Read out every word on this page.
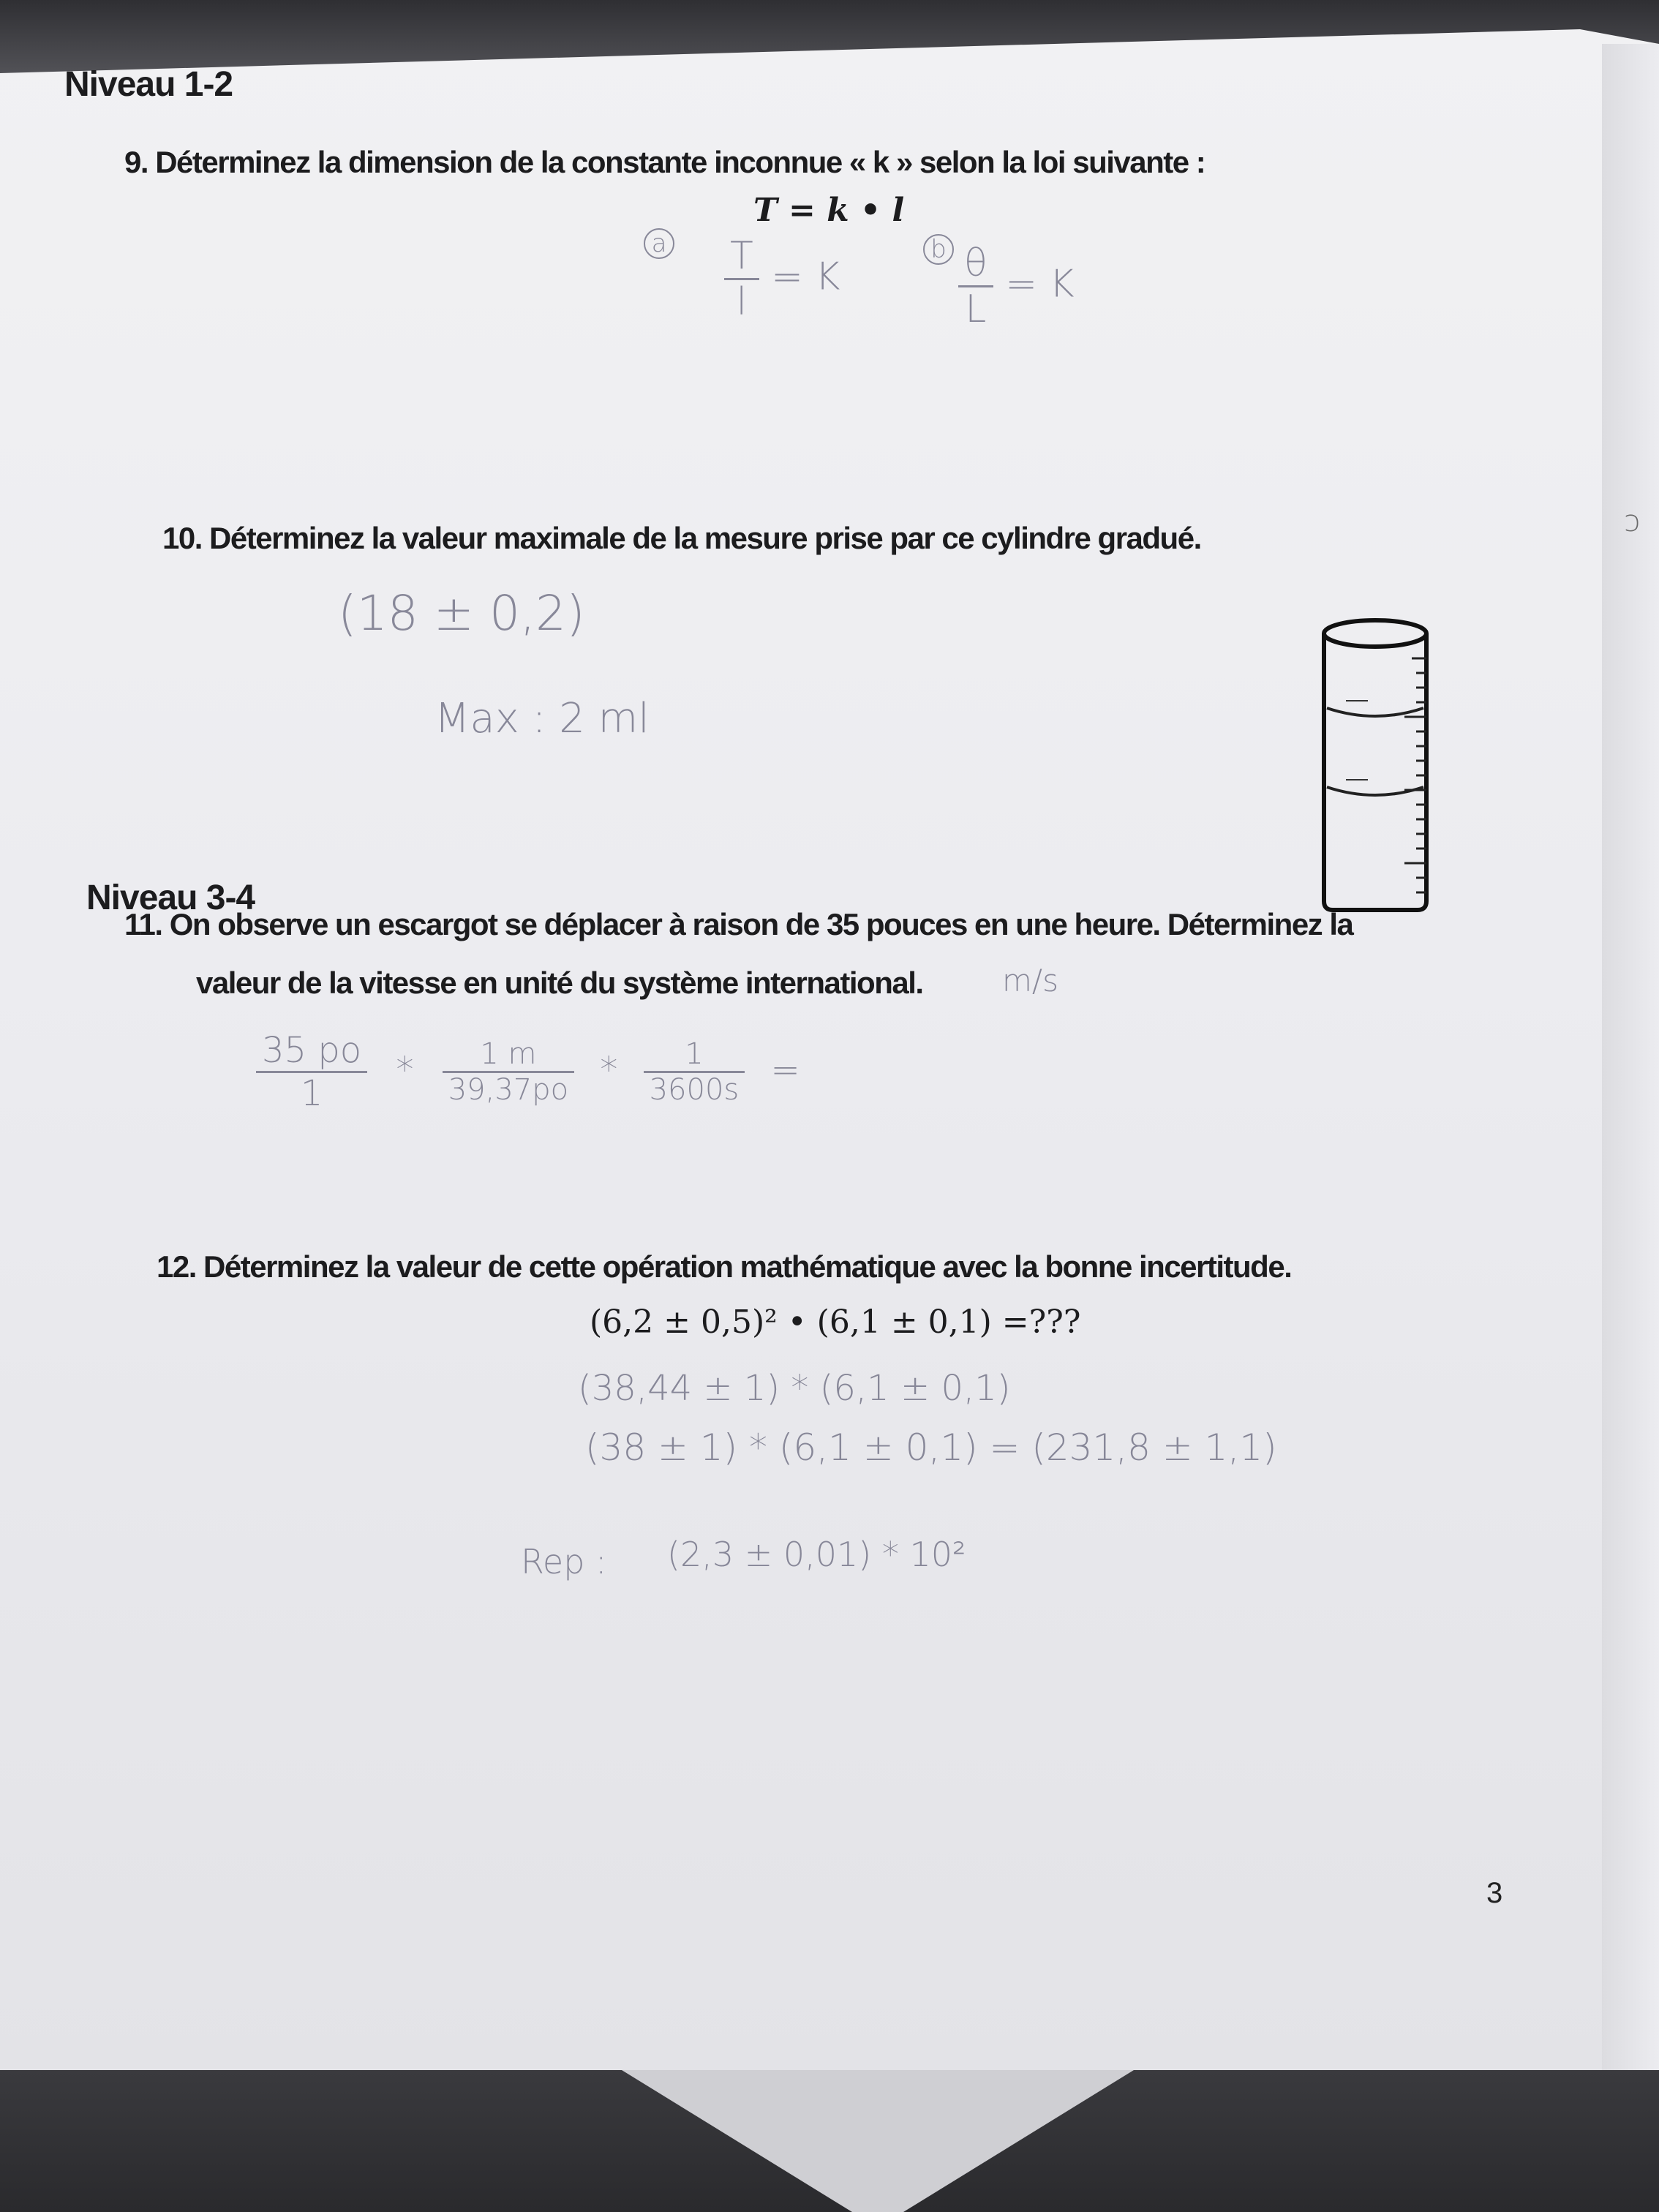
Niveau 1-2
9. Déterminez la dimension de la constante inconnue « k » selon la loi suivante :
T = k • l
a $\frac{T}{l} = K$
b $\frac{\theta}{L} = K$
ɔ
10. Déterminez la valeur maximale de la mesure prise par ce cylindre gradué.
(18 ± 0,2)
Max : 2 ml
Niveau 3-4
11. On observe un escargot se déplacer à raison de 35 pouces en une heure. Déterminez la
valeur de la vitesse en unité du système international.	m/s
$\frac{35 po}{1} * \frac{1 m}{39,37po} * \frac{1}{3600s}$ =
12. Déterminez la valeur de cette opération mathématique avec la bonne incertitude.
(6,2 ± 0,5)² • (6,1 ± 0,1) =???
(38,44 ± 1) * (6,1 ± 0,1)
(38 ± 1) * (6,1 ± 0,1) = (231,8 ± 1,1)
Rep : (2,3 ± 0,01) * 10²
3
